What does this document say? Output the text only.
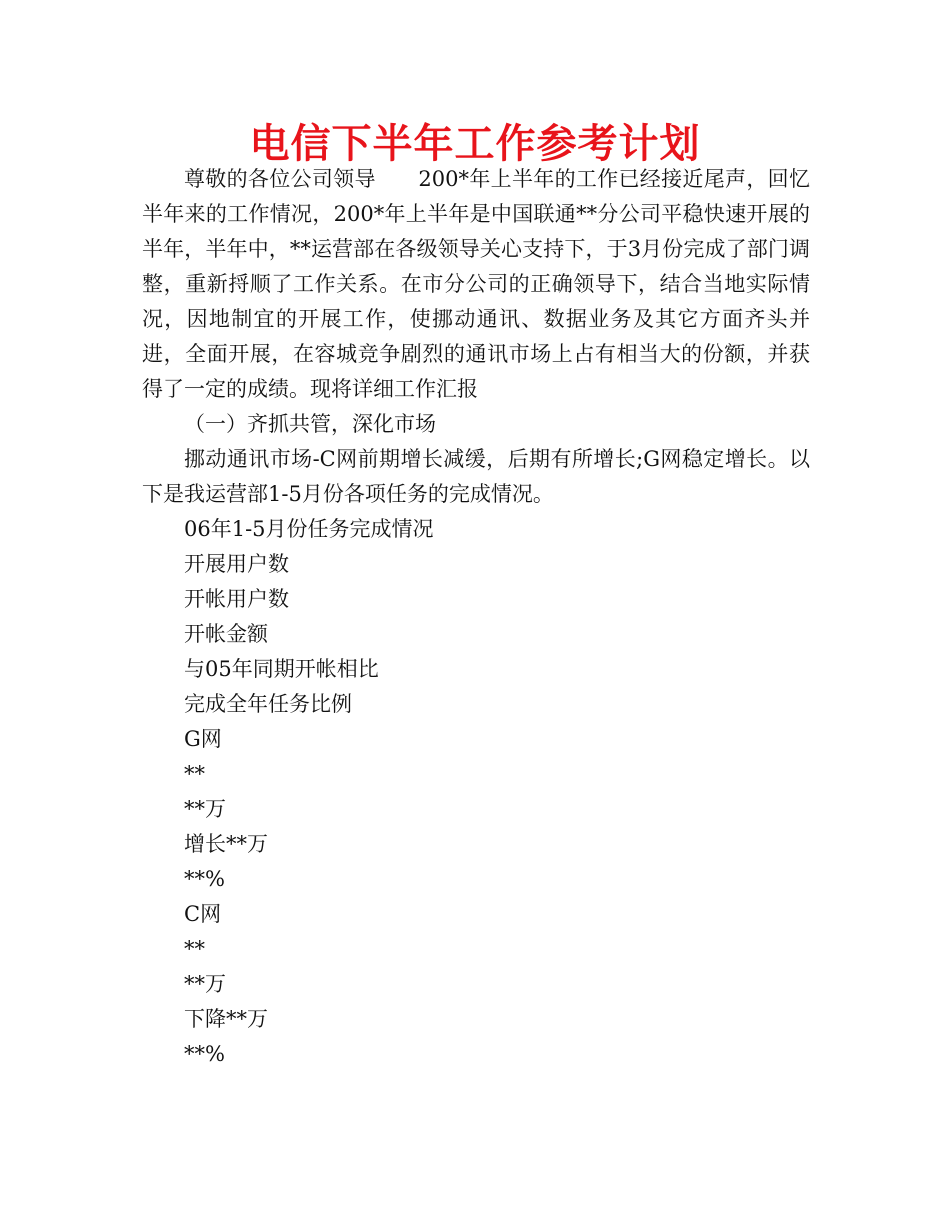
电信下半年工作参考计划

尊敬的各位公司领导　　200*年上半年的工作已经接近尾声，回忆半年来的工作情况，200*年上半年是中国联通**分公司平稳快速开展的半年，半年中，**运营部在各级领导关心支持下，于3月份完成了部门调整，重新捋顺了工作关系。在市分公司的正确领导下，结合当地实际情况，因地制宜的开展工作，使挪动通讯、数据业务及其它方面齐头并进，全面开展，在容城竞争剧烈的通讯市场上占有相当大的份额，并获得了一定的成绩。现将详细工作汇报

（一）齐抓共管，深化市场

挪动通讯市场-C网前期增长减缓，后期有所增长;G网稳定增长。以下是我运营部1-5月份各项任务的完成情况。

06年1-5月份任务完成情况

开展用户数

开帐用户数

开帐金额

与05年同期开帐相比

完成全年任务比例

G网

**

**万

增长**万

**%

C网

**

**万

下降**万

**%
